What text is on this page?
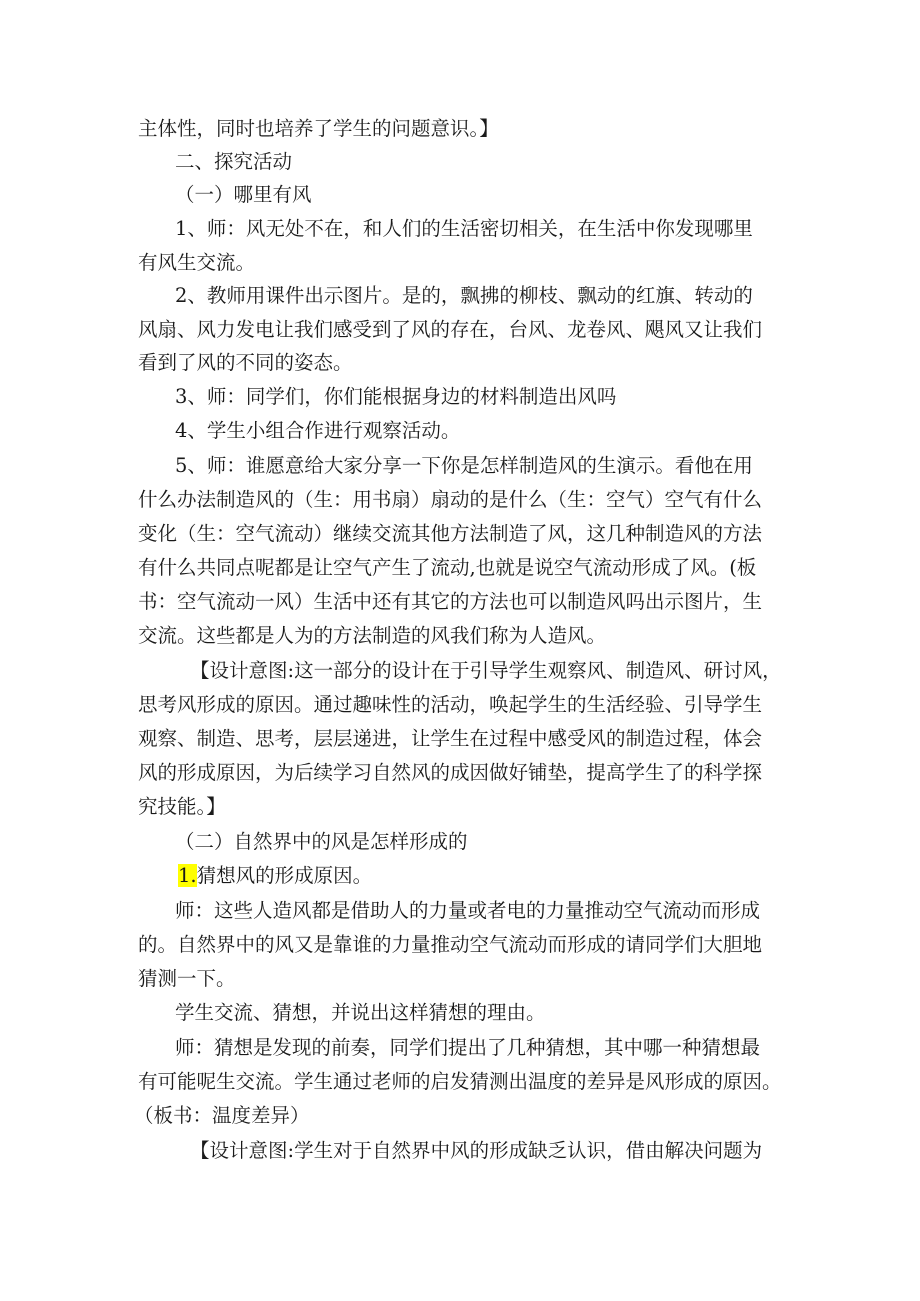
主体性，同时也培养了学生的问题意识。】
二、探究活动
（一）哪里有风
1、师：风无处不在，和人们的生活密切相关，在生活中你发现哪里
有风生交流。
2、教师用课件出示图片。是的，飘拂的柳枝、飘动的红旗、转动的
风扇、风力发电让我们感受到了风的存在，台风、龙卷风、飓风又让我们
看到了风的不同的姿态。
3、师：同学们，你们能根据身边的材料制造出风吗
4、学生小组合作进行观察活动。
5、师：谁愿意给大家分享一下你是怎样制造风的生演示。看他在用
什么办法制造风的（生：用书扇）扇动的是什么（生：空气）空气有什么
变化（生：空气流动）继续交流其他方法制造了风，这几种制造风的方法
有什么共同点呢都是让空气产生了流动,也就是说空气流动形成了风。(板
书：空气流动一风）生活中还有其它的方法也可以制造风吗出示图片，生
交流。这些都是人为的方法制造的风我们称为人造风。
【设计意图:这一部分的设计在于引导学生观察风、制造风、研讨风，
思考风形成的原因。通过趣味性的活动，唤起学生的生活经验、引导学生
观察、制造、思考，层层递进，让学生在过程中感受风的制造过程，体会
风的形成原因，为后续学习自然风的成因做好铺垫，提高学生了的科学探
究技能。】
（二）自然界中的风是怎样形成的
1.猜想风的形成原因。
师：这些人造风都是借助人的力量或者电的力量推动空气流动而形成
的。自然界中的风又是靠谁的力量推动空气流动而形成的请同学们大胆地
猜测一下。
学生交流、猜想，并说出这样猜想的理由。
师：猜想是发现的前奏，同学们提出了几种猜想，其中哪一种猜想最
有可能呢生交流。学生通过老师的启发猜测出温度的差异是风形成的原因。
（板书：温度差异）
【设计意图:学生对于自然界中风的形成缺乏认识，借由解决问题为
